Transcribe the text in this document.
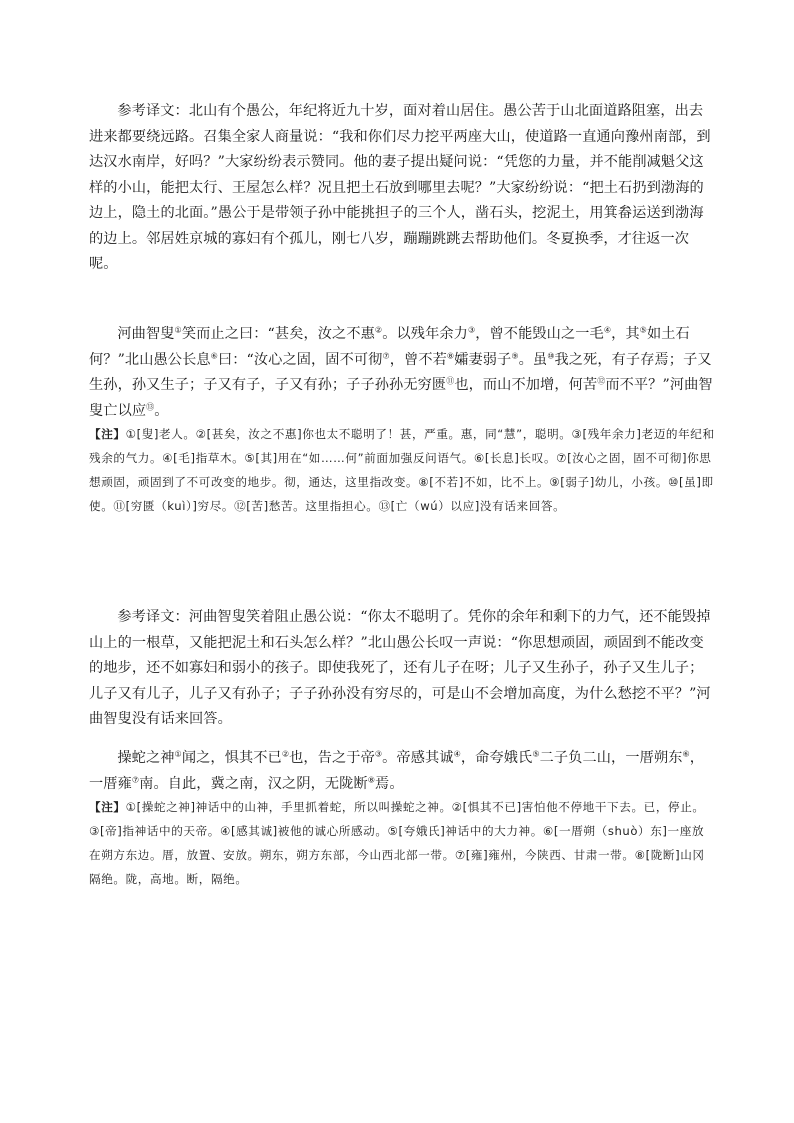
参考译文：北山有个愚公，年纪将近九十岁，面对着山居住。愚公苦于山北面道路阻塞，出去进来都要绕远路。召集全家人商量说：“我和你们尽力挖平两座大山，使道路一直通向豫州南部，到达汉水南岸，好吗？”大家纷纷表示赞同。他的妻子提出疑问说：“凭您的力量，并不能削减魁父这样的小山，能把太行、王屋怎么样？况且把土石放到哪里去呢？”大家纷纷说：“把土石扔到渤海的边上，隐土的北面。”愚公于是带领子孙中能挑担子的三个人，凿石头，挖泥土，用箕畚运送到渤海的边上。邻居姓京城的寡妇有个孤儿，刚七八岁，蹦蹦跳跳去帮助他们。冬夏换季，才往返一次呢。

河曲智叟①笑而止之曰：“甚矣，汝之不惠②。以残年余力③，曾不能毁山之一毛④，其⑤如土石何？”北山愚公长息⑥曰：“汝心之固，固不可彻⑦，曾不若⑧孀妻弱子⑨。虽⑩我之死，有子存焉；子又生孙，孙又生子；子又有子，子又有孙；子子孙孙无穷匮⑪也，而山不加增，何苦⑫而不平？”河曲智叟亡以应⑬。

【注】①[叟]老人。②[甚矣，汝之不惠]你也太不聪明了！甚，严重。惠，同“慧”，聪明。③[残年余力]老迈的年纪和残余的气力。④[毛]指草木。⑤[其]用在“如……何”前面加强反问语气。⑥[长息]长叹。⑦[汝心之固，固不可彻]你思想顽固，顽固到了不可改变的地步。彻，通达，这里指改变。⑧[不若]不如，比不上。⑨[弱子]幼儿，小孩。⑩[虽]即使。⑪[穷匮（kuì）]穷尽。⑫[苦]愁苦。这里指担心。⑬[亡（wú）以应]没有话来回答。

参考译文：河曲智叟笑着阻止愚公说：“你太不聪明了。凭你的余年和剩下的力气，还不能毁掉山上的一根草，又能把泥土和石头怎么样？”北山愚公长叹一声说：“你思想顽固，顽固到不能改变的地步，还不如寡妇和弱小的孩子。即使我死了，还有儿子在呀；儿子又生孙子，孙子又生儿子；儿子又有儿子，儿子又有孙子；子子孙孙没有穷尽的，可是山不会增加高度，为什么愁挖不平？”河曲智叟没有话来回答。

操蛇之神①闻之，惧其不已②也，告之于帝③。帝感其诚④，命夸娥氏⑤二子负二山，一厝朔东⑥，一厝雍⑦南。自此，冀之南，汉之阴，无陇断⑧焉。

【注】①[操蛇之神]神话中的山神，手里抓着蛇，所以叫操蛇之神。②[惧其不已]害怕他不停地干下去。已，停止。③[帝]指神话中的天帝。④[感其诚]被他的诚心所感动。⑤[夸娥氏]神话中的大力神。⑥[一厝朔（shuò）东]一座放在朔方东边。厝，放置、安放。朔东，朔方东部，今山西北部一带。⑦[雍]雍州，今陕西、甘肃一带。⑧[陇断]山冈隔绝。陇，高地。断，隔绝。
